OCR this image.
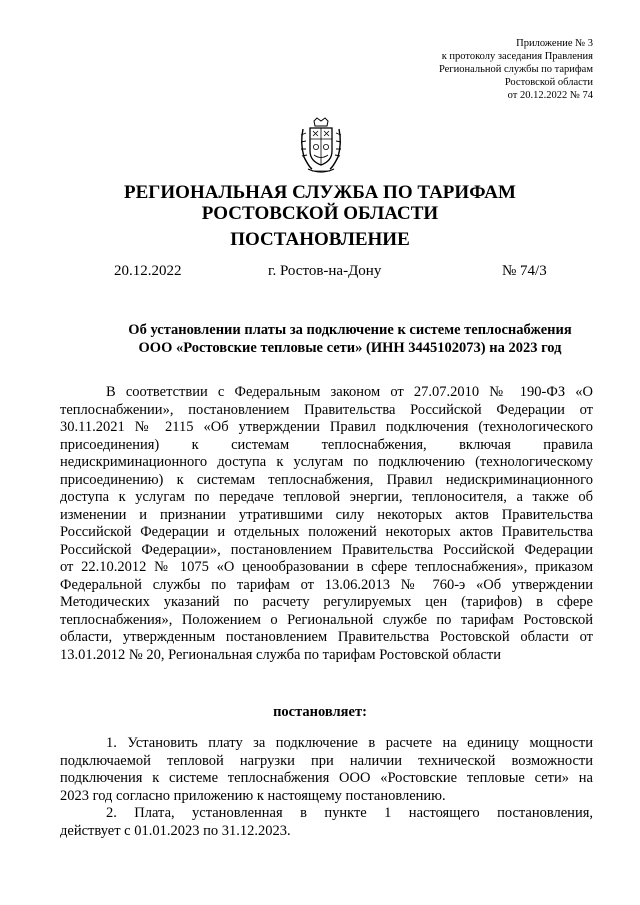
Приложение № 3
к протоколу заседания Правления
Региональной службы по тарифам
Ростовской области
от 20.12.2022 № 74
РЕГИОНАЛЬНАЯ СЛУЖБА ПО ТАРИФАМ
РОСТОВСКОЙ ОБЛАСТИ
ПОСТАНОВЛЕНИЕ
20.12.2022	г. Ростов-на-Дону	№ 74/3
Об установлении платы за подключение к системе теплоснабжения
ООО «Ростовские тепловые сети» (ИНН 3445102073) на 2023 год
В соответствии с Федеральным законом от 27.07.2010 № 190-ФЗ «О
теплоснабжении», постановлением Правительства Российской Федерации от
30.11.2021 № 2115 «Об утверждении Правил подключения (технологического
присоединения) к системам теплоснабжения, включая правила
недискриминационного доступа к услугам по подключению (технологическому
присоединению) к системам теплоснабжения, Правил недискриминационного
доступа к услугам по передаче тепловой энергии, теплоносителя, а также об
изменении и признании утратившими силу некоторых актов Правительства
Российской Федерации и отдельных положений некоторых актов Правительства
Российской Федерации», постановлением Правительства Российской Федерации
от 22.10.2012 № 1075 «О ценообразовании в сфере теплоснабжения», приказом
Федеральной службы по тарифам от 13.06.2013 № 760-э «Об утверждении
Методических указаний по расчету регулируемых цен (тарифов) в сфере
теплоснабжения», Положением о Региональной службе по тарифам Ростовской
области, утвержденным постановлением Правительства Ростовской области от
13.01.2012 № 20, Региональная служба по тарифам Ростовской области
постановляет:
1. Установить плату за подключение в расчете на единицу мощности
подключаемой тепловой нагрузки при наличии технической возможности
подключения к системе теплоснабжения ООО «Ростовские тепловые сети» на
2023 год согласно приложению к настоящему постановлению.
2. Плата, установленная в пункте 1 настоящего постановления,
действует с 01.01.2023 по 31.12.2023.
